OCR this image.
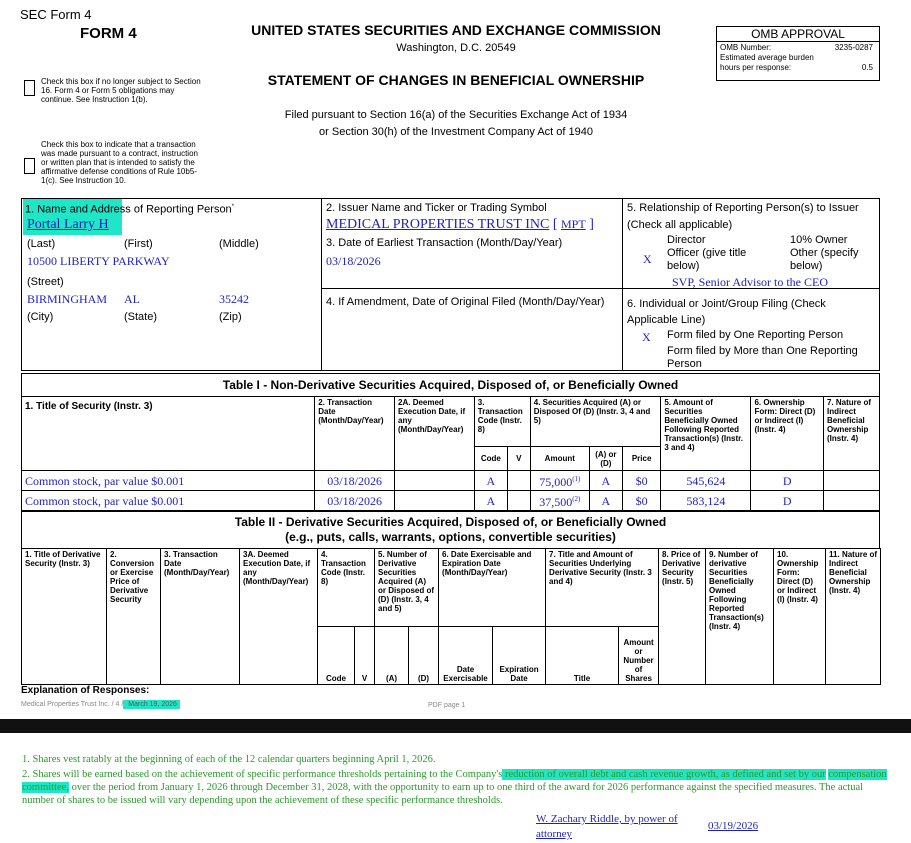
SEC Form 4
FORM 4	UNITED STATES SECURITIES AND EXCHANGE COMMISSION
Washington, D.C. 20549
STATEMENT OF CHANGES IN BENEFICIAL OWNERSHIP
Filed pursuant to Section 16(a) of the Securities Exchange Act of 1934
or Section 30(h) of the Investment Company Act of 1940
Check this box if no longer subject to Section 16. Form 4 or Form 5 obligations may continue. See Instruction 1(b).
Check this box to indicate that a transaction was made pursuant to a contract, instruction or written plan that is intended to satisfy the affirmative defense conditions of Rule 10b5-1(c). See Instruction 10.
OMB APPROVAL
OMB Number:	3235-0287

Estimated average burden
hours per response:	0.5
1. Name and Address of Reporting Person*
Portal Larry H
(Last)	(First)	(Middle)
10500 LIBERTY PARKWAY
(Street)
BIRMINGHAM AL	35242
(City)	(State)	(Zip)
2. Issuer Name and Ticker or Trading Symbol
MEDICAL PROPERTIES TRUST INC [ MPT ]
3. Date of Earliest Transaction (Month/Day/Year)
03/18/2026
4. If Amendment, Date of Original Filed (Month/Day/Year)
5. Relationship of Reporting Person(s) to Issuer
(Check all applicable)
Director	10% Owner
X Officer (give title below)
Other (specify below)
SVP, Senior Advisor to the CEO
6. Individual or Joint/Group Filing (Check Applicable Line)
X Form filed by One Reporting Person
Form filed by More than One Reporting Person
Table I - Non-Derivative Securities Acquired, Disposed of, or Beneficially Owned
1. Title of Security (Instr. 3)	2. Transaction Date (Month/Day/Year)	2A. Deemed Execution Date, if any (Month/Day/Year)	3. Transaction Code (Instr. 8)		4. Securities Acquired (A) or Disposed Of (D) (Instr. 3, 4 and 5)			5. Amount of Securities Beneficially Owned Following Reported Transaction(s) (Instr. 3 and 4)	6. Ownership Form: Direct (D) or Indirect (I) (Instr. 4)	7. Nature of Indirect Beneficial Ownership (Instr. 4)
			Code	V	Amount	(A) or (D)	Price			
Common stock, par value $0.001	03/18/2026		A		75,000$^{(1)}$	A	$0	545,624	D	
Common stock, par value $0.001	03/18/2026		A		37,500$^{(2)}$	A	$0	583,124	D	
Table II - Derivative Securities Acquired, Disposed of, or Beneficially Owned
(e.g., puts, calls, warrants, options, convertible securities)
1. Title of Derivative Security (Instr. 3)	2. Conversion or Exercise Price of Derivative Security	3. Transaction Date (Month/Day/Year)	3A. Deemed Execution Date, if any (Month/Day/Year)	4. Transaction Code (Instr. 8)		5. Number of Derivative Securities Acquired (A) or Disposed of (D) (Instr. 3, 4 and 5)		6. Date Exercisable and Expiration Date (Month/Day/Year)		7. Title and Amount of Securities Underlying Derivative Security (Instr. 3 and 4)		8. Price of Derivative Security (Instr. 5)	9. Number of derivative Securities Beneficially Owned Following Reported Transaction(s) (Instr. 4)	10. Ownership Form: Direct (D) or Indirect (I) (Instr. 4)	11. Nature of Indirect Beneficial Ownership (Instr. 4)
				Code	V	(A)	(D)	Date Exercisable	Expiration Date	Title	Amount or Number of Shares				
Explanation of Responses:
Medical Properties Trust Inc. / 4 / March 19, 2026	PDF page 1
1. Shares vest ratably at the beginning of each of the 12 calendar quarters beginning April 1, 2026.
2. Shares will be earned based on the achievement of specific performance thresholds pertaining to the Company's reduction of overall debt and cash revenue growth, as defined and set by our compensation committee, over the period from January 1, 2026 through December 31, 2028, with the opportunity to earn up to one third of the award for 2026 performance against the specified measures. The actual number of shares to be issued will vary depending upon the achievement of these specific performance thresholds.
W. Zachary Riddle, by power of attorney
03/19/2026
